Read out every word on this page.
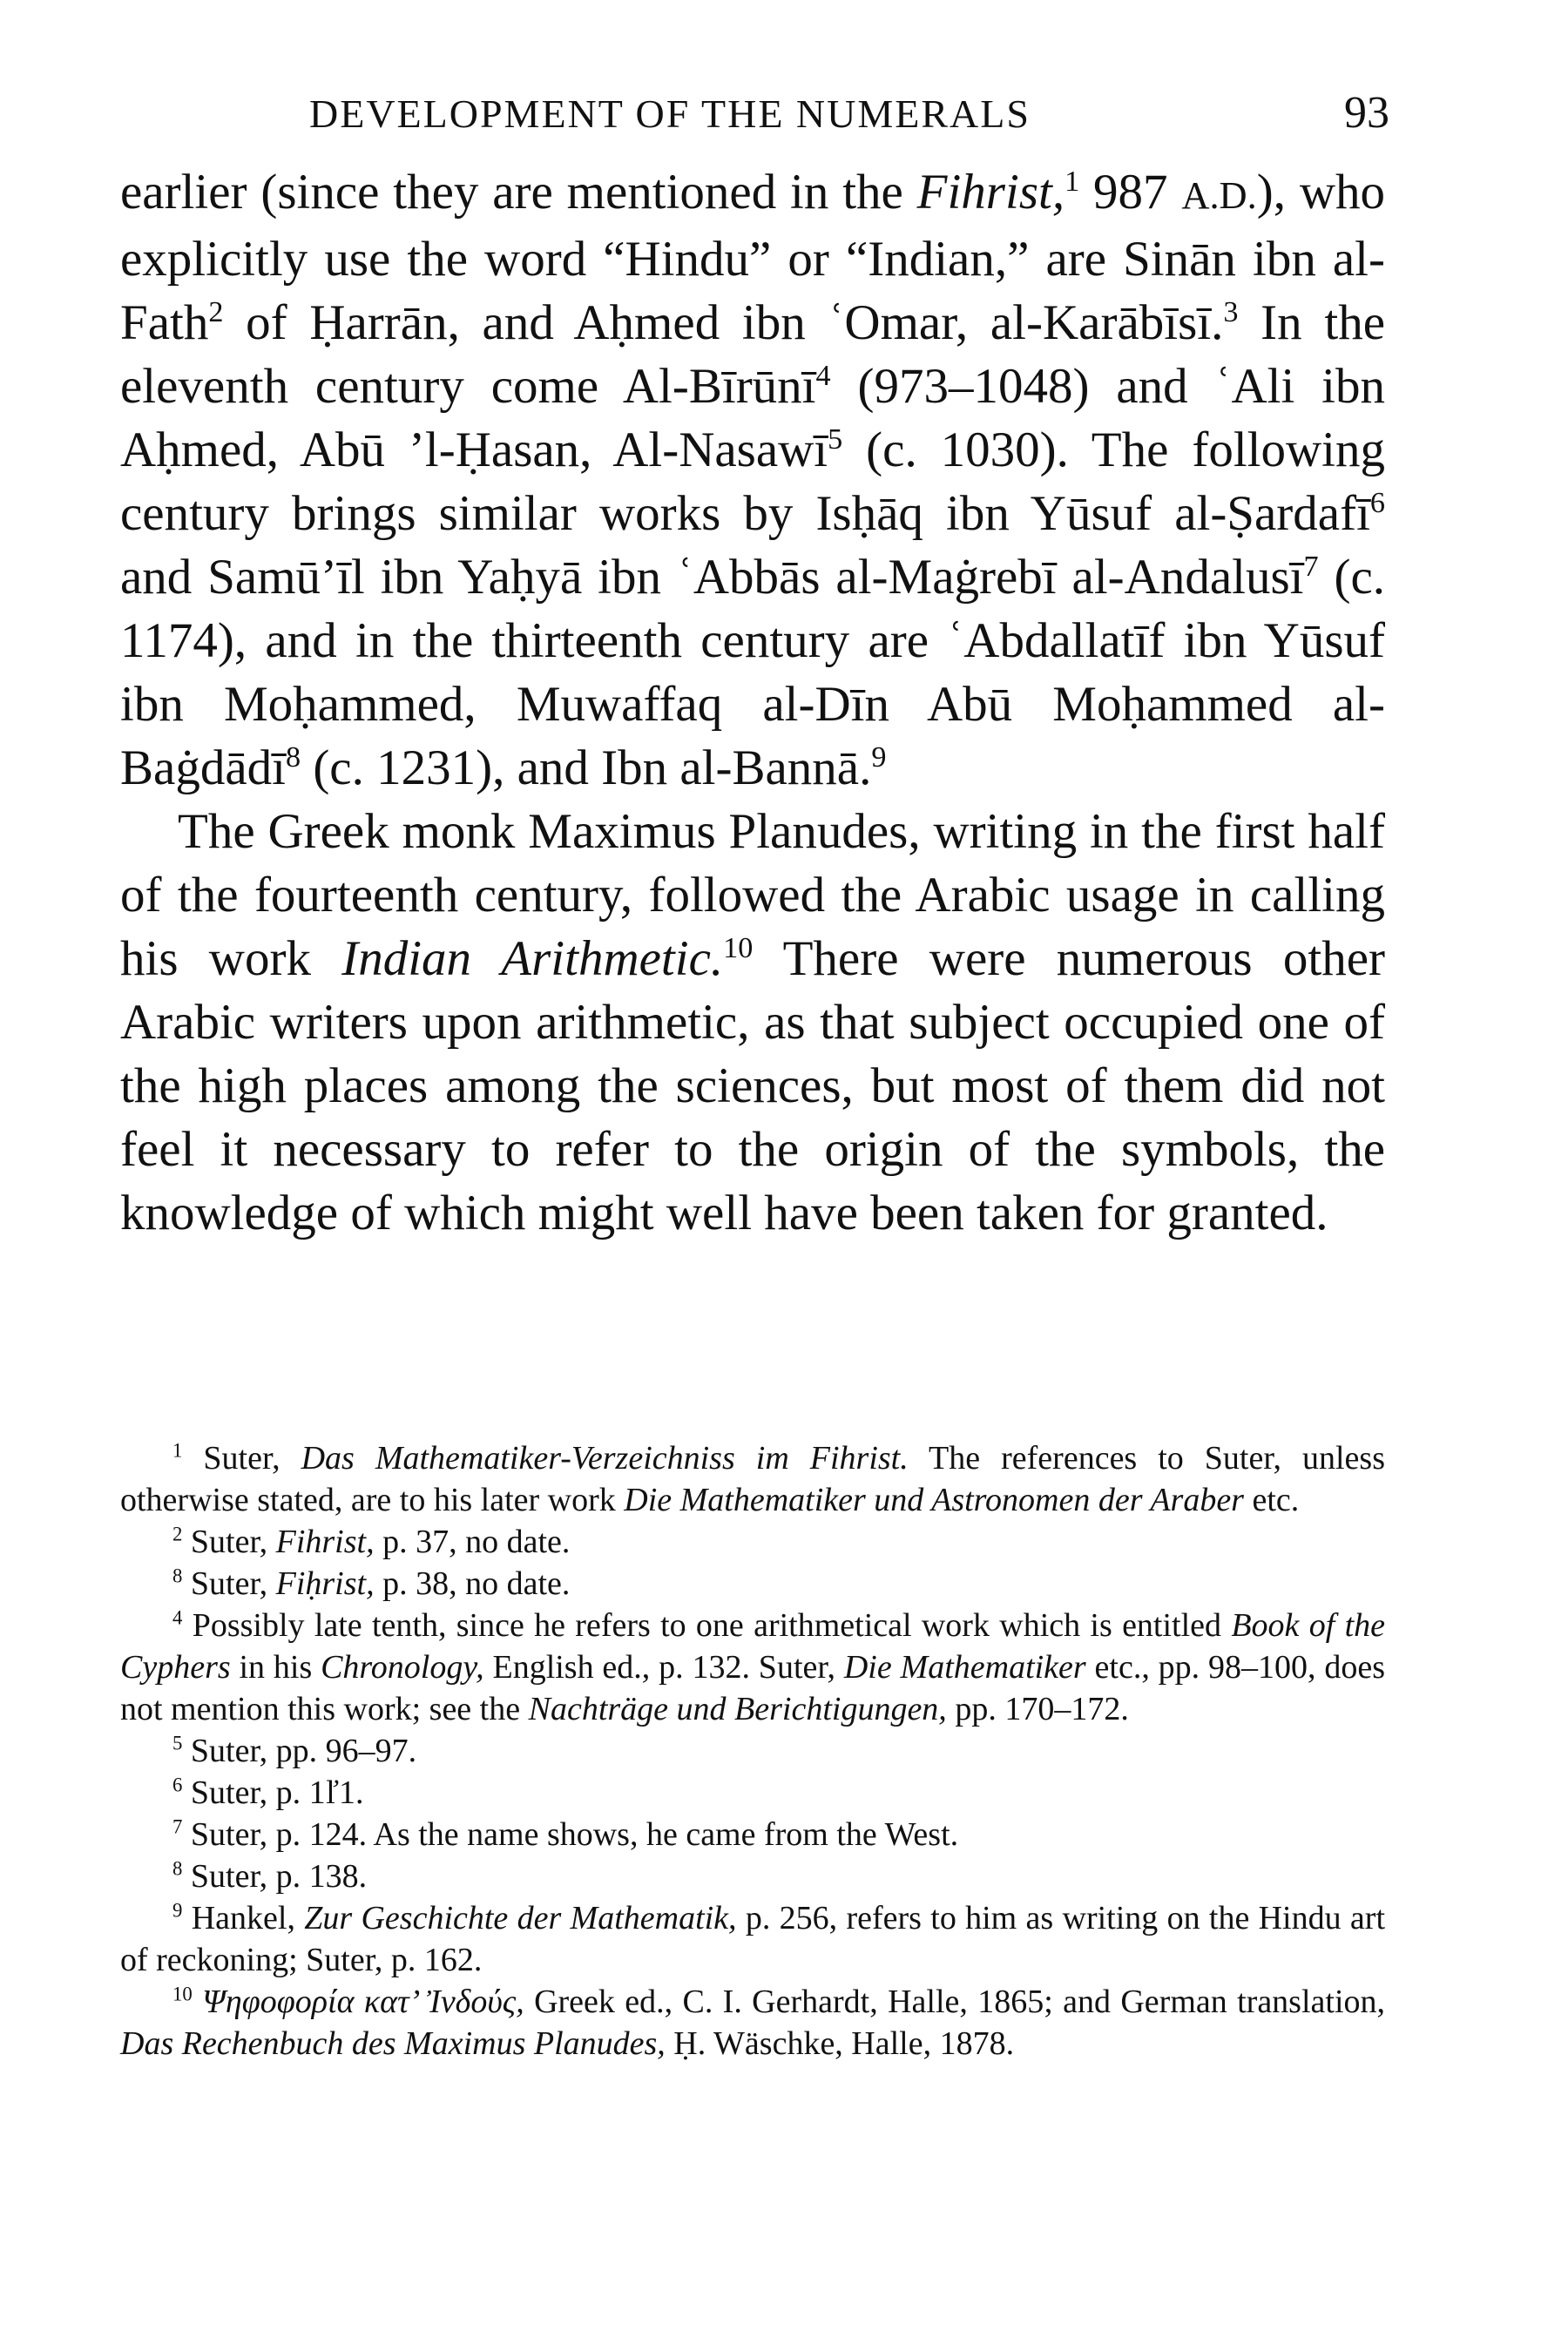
DEVELOPMENT OF THE NUMERALS	93

earlier (since they are mentioned in the Fihrist,$^1$ 987 A.D.), who explicitly use the word “Hindu” or “Indian,” are Sinān ibn al-Fath$^2$ of Ḥarrān, and Aḥmed ibn ʿOmar, al-Karābīsī.$^3$ In the eleventh century come Al-Bīrūnī$^4$ (973–1048) and ʿAli ibn Aḥmed, Abū ’l-Ḥasan, Al-Nasawī$^5$ (c. 1030). The following century brings similar works by Isḥāq ibn Yūsuf al-Ṣardafī$^6$ and Samū’īl ibn Yaḥyā ibn ʿAbbās al-Maġrebī al-Andalusī$^7$ (c. 1174), and in the thirteenth century are ʿAbdallatīf ibn Yūsuf ibn Moḥammed, Muwaffaq al-Dīn Abū Moḥammed al-Baġdādī$^8$ (c. 1231), and Ibn al-Bannā.$^9$

The Greek monk Maximus Planudes, writing in the first half of the fourteenth century, followed the Arabic usage in calling his work Indian Arithmetic.$^{10}$ There were numerous other Arabic writers upon arithmetic, as that subject occupied one of the high places among the sciences, but most of them did not feel it necessary to refer to the origin of the symbols, the knowledge of which might well have been taken for granted.

$^1$ Suter, Das Mathematiker-Verzeichniss im Fihrist. The references to Suter, unless otherwise stated, are to his later work Die Mathematiker und Astronomen der Araber etc.

$^2$ Suter, Fihrist, p. 37, no date.

$^8$ Suter, Fiḥrist, p. 38, no date.

$^4$ Possibly late tenth, since he refers to one arithmetical work which is entitled Book of the Cyphers in his Chronology, English ed., p. 132. Suter, Die Mathematiker etc., pp. 98–100, does not mention this work; see the Nachträge und Berichtigungen, pp. 170–172.

$^5$ Suter, pp. 96–97.

$^6$ Suter, p. 1ľ1.

$^7$ Suter, p. 124. As the name shows, he came from the West.

$^8$ Suter, p. 138.

$^9$ Hankel, Zur Geschichte der Mathematik, p. 256, refers to him as writing on the Hindu art of reckoning; Suter, p. 162.

$^{10}$ Ψηφοφορία κατ’ Ἰνδούς, Greek ed., C. I. Gerhardt, Halle, 1865; and German translation, Das Rechenbuch des Maximus Planudes, Ḥ. Wäschke, Halle, 1878.
